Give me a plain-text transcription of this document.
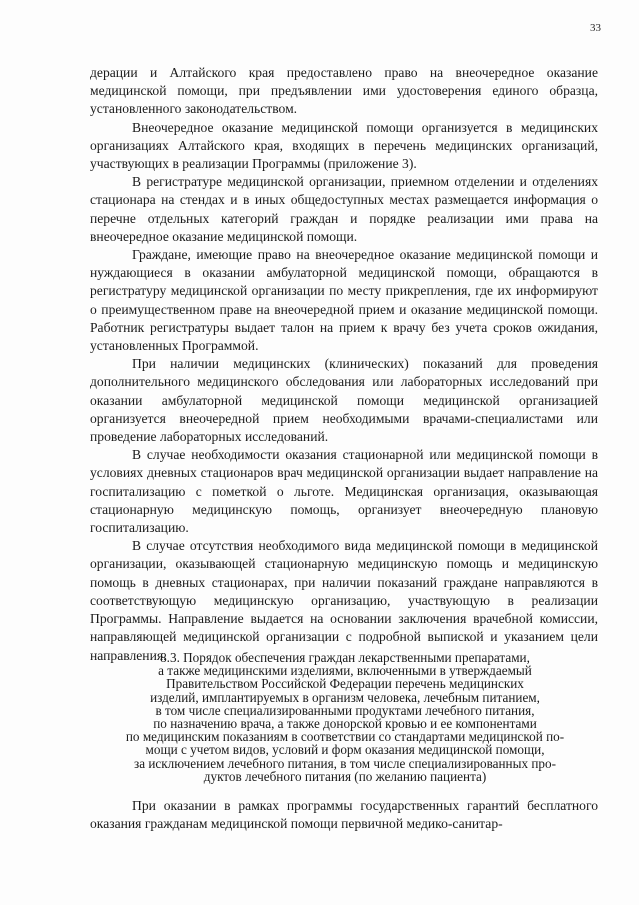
33

дерации и Алтайского края предоставлено право на внеочередное оказание медицинской помощи, при предъявлении ими удостоверения единого образца, установленного законодательством.

Внеочередное оказание медицинской помощи организуется в медицинских организациях Алтайского края, входящих в перечень медицинских организаций, участвующих в реализации Программы (приложение 3).

В регистратуре медицинской организации, приемном отделении и отделениях стационара на стендах и в иных общедоступных местах размещается информация о перечне отдельных категорий граждан и порядке реализации ими права на внеочередное оказание медицинской помощи.

Граждане, имеющие право на внеочередное оказание медицинской помощи и нуждающиеся в оказании амбулаторной медицинской помощи, обращаются в регистратуру медицинской организации по месту прикрепления, где их информируют о преимущественном праве на внеочередной прием и оказание медицинской помощи. Работник регистратуры выдает талон на прием к врачу без учета сроков ожидания, установленных Программой.

При наличии медицинских (клинических) показаний для проведения дополнительного медицинского обследования или лабораторных исследований при оказании амбулаторной медицинской помощи медицинской организацией организуется внеочередной прием необходимыми врачами-специалистами или проведение лабораторных исследований.

В случае необходимости оказания стационарной или медицинской помощи в условиях дневных стационаров врач медицинской организации выдает направление на госпитализацию с пометкой о льготе. Медицинская организация, оказывающая стационарную медицинскую помощь, организует внеочередную плановую госпитализацию.

В случае отсутствия необходимого вида медицинской помощи в медицинской организации, оказывающей стационарную медицинскую помощь и медицинскую помощь в дневных стационарах, при наличии показаний граждане направляются в соответствующую медицинскую организацию, участвующую в реализации Программы. Направление выдается на основании заключения врачебной комиссии, направляющей медицинской организации с подробной выпиской и указанием цели направления.

8.3. Порядок обеспечения граждан лекарственными препаратами,
а также медицинскими изделиями, включенными в утверждаемый
Правительством Российской Федерации перечень медицинских
изделий, имплантируемых в организм человека, лечебным питанием,
в том числе специализированными продуктами лечебного питания,
по назначению врача, а также донорской кровью и ее компонентами
по медицинским показаниям в соответствии со стандартами медицинской по-
мощи с учетом видов, условий и форм оказания медицинской помощи,
за исключением лечебного питания, в том числе специализированных про-
дуктов лечебного питания (по желанию пациента)

При оказании в рамках программы государственных гарантий бесплатного оказания гражданам медицинской помощи первичной медико-санитар-
